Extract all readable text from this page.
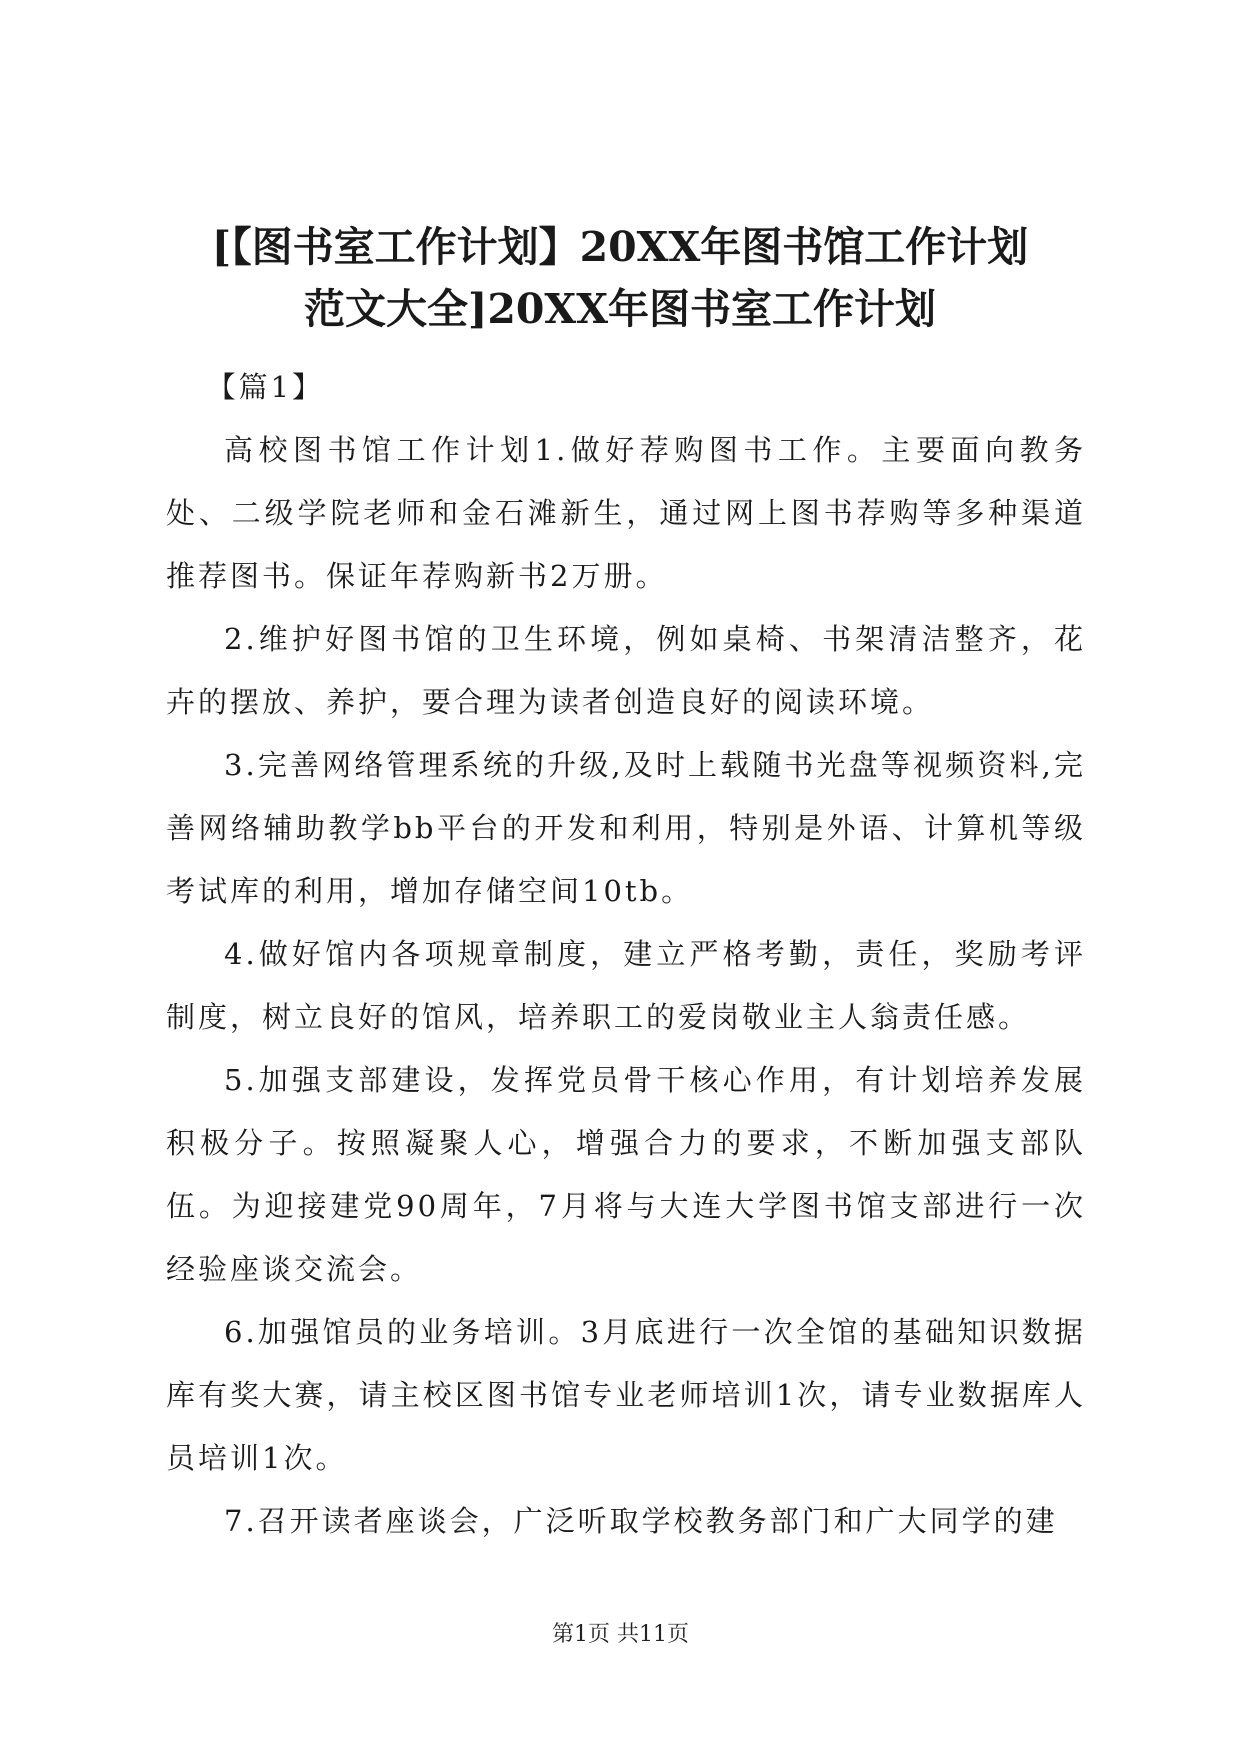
[【图书室工作计划】20XX年图书馆工作计划
范文大全]20XX年图书室工作计划

【篇1】

高校图书馆工作计划1.做好荐购图书工作。主要面向教务处、二级学院老师和金石滩新生，通过网上图书荐购等多种渠道推荐图书。保证年荐购新书2万册。

2.维护好图书馆的卫生环境，例如桌椅、书架清洁整齐，花卉的摆放、养护，要合理为读者创造良好的阅读环境。

3.完善网络管理系统的升级,及时上载随书光盘等视频资料,完善网络辅助教学bb平台的开发和利用，特别是外语、计算机等级考试库的利用，增加存储空间10tb。

4.做好馆内各项规章制度，建立严格考勤，责任，奖励考评制度，树立良好的馆风，培养职工的爱岗敬业主人翁责任感。

5.加强支部建设，发挥党员骨干核心作用，有计划培养发展积极分子。按照凝聚人心，增强合力的要求，不断加强支部队伍。为迎接建党90周年，7月将与大连大学图书馆支部进行一次经验座谈交流会。

6.加强馆员的业务培训。3月底进行一次全馆的基础知识数据库有奖大赛，请主校区图书馆专业老师培训1次，请专业数据库人员培训1次。

7.召开读者座谈会，广泛听取学校教务部门和广大同学的建

第1页 共11页
